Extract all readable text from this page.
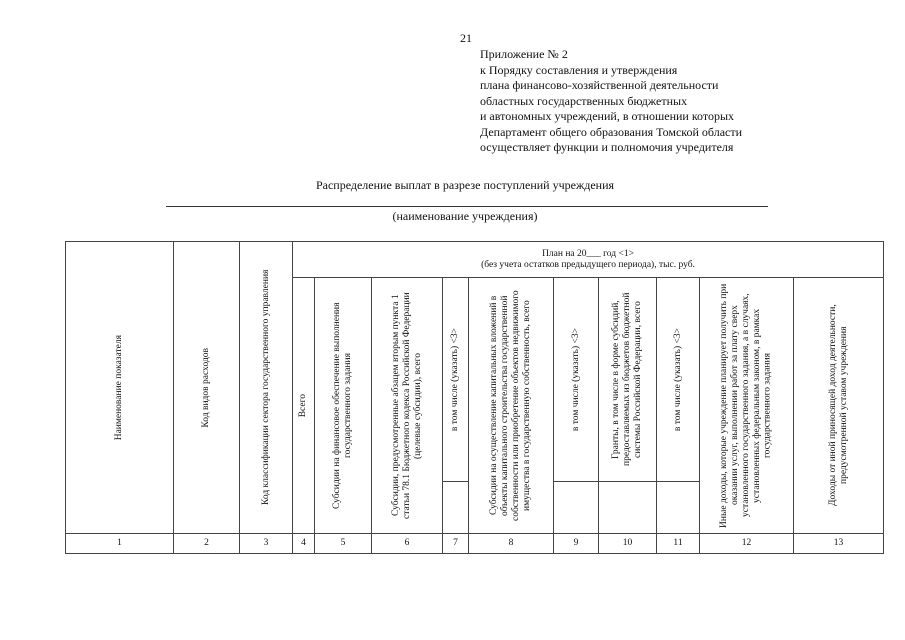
21
Приложение № 2
к Порядку составления и утверждения
плана финансово-хозяйственной деятельности
областных государственных бюджетных
и автономных учреждений, в отношении которых
Департамент общего образования Томской области
осуществляет функции и полномочия учредителя
Распределение выплат в разрезе поступлений учреждения
(наименование учреждения)
Наименование показателя	Код видов расходов	Код классификации сектора государственного управления	План на 20___ год <1>
(без учета остатков предыдущего периода), тыс. руб.									

			Всего	Субсидии на финансовое обеспечение выполнения государственного задания	Субсидии, предусмотренные абзацем вторым пункта 1 статьи 78.1 Бюджетного кодекса Российской Федерации (целевые субсидии), всего	в том числе (указать) <3>	Субсидии на осуществление капитальных вложений в объекты капитального строительства государственной собственности или приобретение объектов недвижимого имущества в государственную собственность, всего	в том числе (указать) <3>	Гранты, в том числе в форме субсидий, предоставляемых из бюджетов бюджетной системы Российской Федерации, всего	в том числе (указать) <3>	Иные доходы, которые учреждение планирует получить при оказании услуг, выполнении работ за плату сверх установленного государственного задания, а в случаях, установленных федеральным законом, в рамках государственного задания	Доходы от иной приносящей доход деятельности, предусмотренной уставом учреждения

1	2	3	4	5	6	7	8	9	10	11	12	13
